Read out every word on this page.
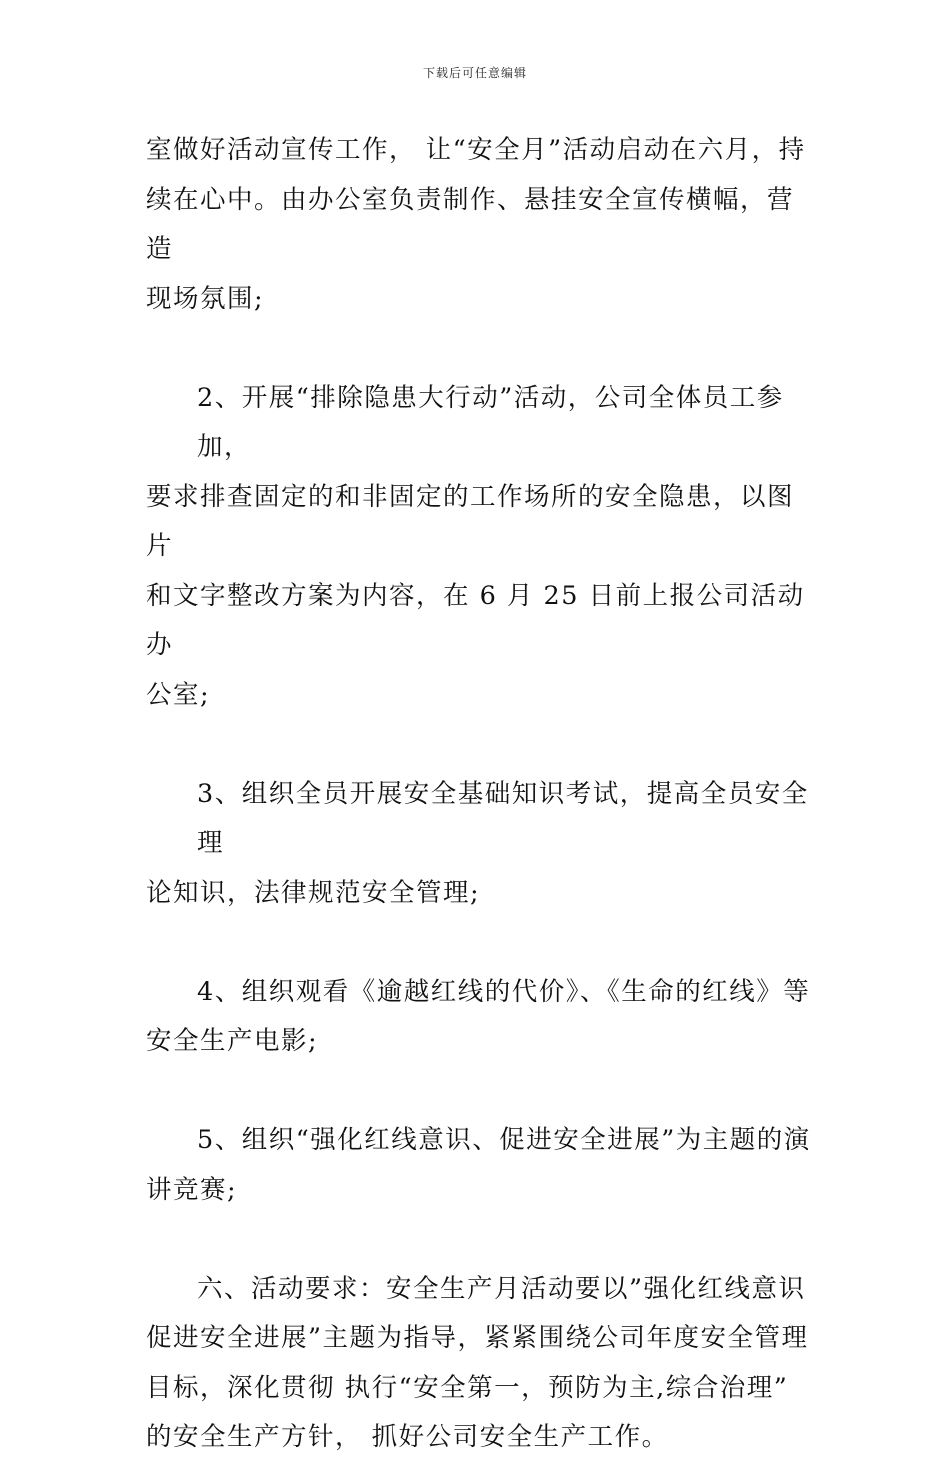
下载后可任意编辑
室做好活动宣传工作， 让“安全月”活动启动在六月，持
续在心中。由办公室负责制作、悬挂安全宣传横幅，营造
现场氛围;
2、开展“排除隐患大行动”活动，公司全体员工参加，
要求排查固定的和非固定的工作场所的安全隐患，以图片
和文字整改方案为内容，在 6 月 25 日前上报公司活动办
公室;
3、组织全员开展安全基础知识考试，提高全员安全理
论知识，法律规范安全管理;
4、组织观看《逾越红线的代价》、《生命的红线》等
安全生产电影;
5、组织“强化红线意识、促进安全进展”为主题的演
讲竞赛;
六、活动要求：安全生产月活动要以”强化红线意识
促进安全进展”主题为指导，紧紧围绕公司年度安全管理
目标，深化贯彻 执行“安全第一，预防为主,综合治理”
的安全生产方针， 抓好公司安全生产工作。
